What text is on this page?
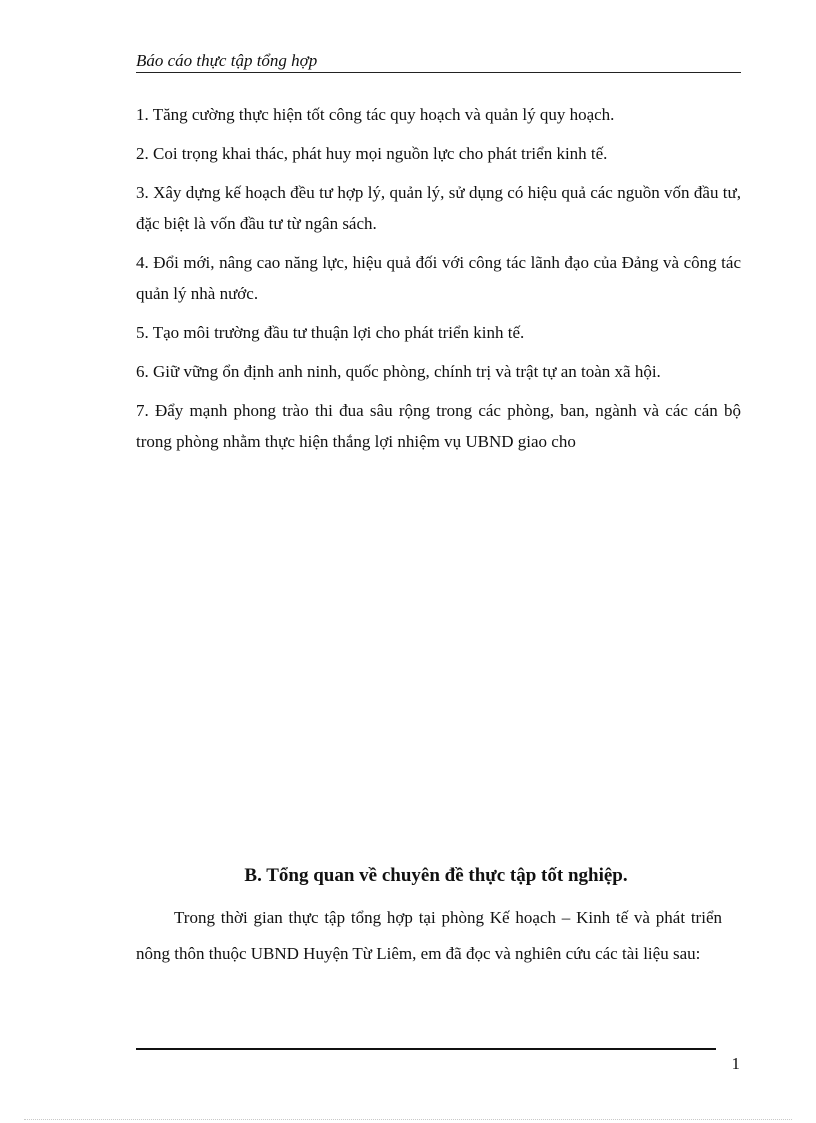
Báo cáo thực tập tổng hợp
1. Tăng cường thực hiện tốt công tác quy hoạch và quản lý quy hoạch.
2. Coi trọng khai thác, phát huy mọi nguồn lực cho phát triển kinh tế.
3. Xây dựng kế hoạch đều tư hợp lý, quản lý, sử dụng có hiệu quả các nguồn vốn đầu tư, đặc biệt là vốn đầu tư từ ngân sách.
4. Đổi mới, nâng cao năng lực, hiệu quả đối với công tác lãnh đạo của Đảng và công tác quản lý nhà nước.
5. Tạo môi trường đầu tư thuận lợi cho phát triển kinh tế.
6. Giữ vững ổn định anh ninh, quốc phòng, chính trị và trật tự an toàn xã hội.
7. Đẩy mạnh phong trào thi đua sâu rộng trong các phòng, ban, ngành và các cán bộ trong phòng nhằm thực hiện thắng lợi nhiệm vụ UBND giao cho
B. Tổng quan về chuyên đề thực tập tốt nghiệp.
Trong thời gian thực tập tổng hợp tại phòng Kế hoạch – Kinh tế và phát triển nông thôn thuộc UBND Huyện Từ Liêm, em đã đọc và nghiên cứu các tài liệu sau:
1
